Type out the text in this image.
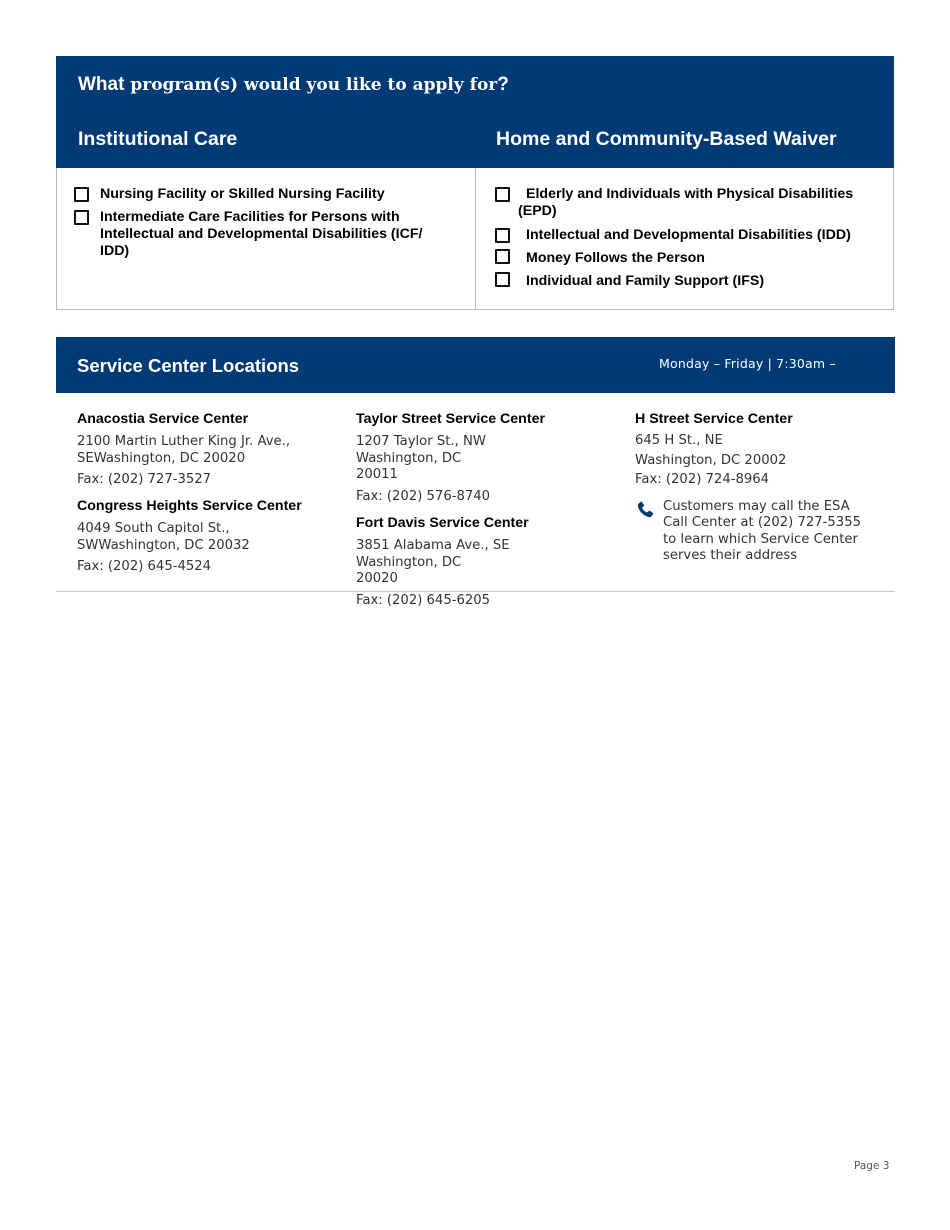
What program(s) would you like to apply for?
Institutional Care	Home and Community-Based Waiver
Nursing Facility or Skilled Nursing Facility
Intermediate Care Facilities for Persons with
Intellectual and Developmental Disabilities (ICF/
IDD)
Elderly and Individuals with Physical Disabilities
(EPD)
Intellectual and Developmental Disabilities (IDD)
Money Follows the Person
Individual and Family Support (IFS)
Service Center Locations	Monday – Friday | 7:30am –
Anacostia Service Center
2100 Martin Luther King Jr. Ave.,
SEWashington, DC 20020
Fax: (202) 727-3527
Congress Heights Service Center
4049 South Capitol St.,
SWWashington, DC 20032
Fax: (202) 645-4524
Taylor Street Service Center
1207 Taylor St., NW
Washington, DC
20011
Fax: (202) 576-8740
Fort Davis Service Center
3851 Alabama Ave., SE
Washington, DC
20020
Fax: (202) 645-6205
H Street Service Center
645 H St., NE
Washington, DC 20002
Fax: (202) 724-8964
Customers may call the ESA
Call Center at (202) 727-5355
to learn which Service Center
serves their address
Page 3
